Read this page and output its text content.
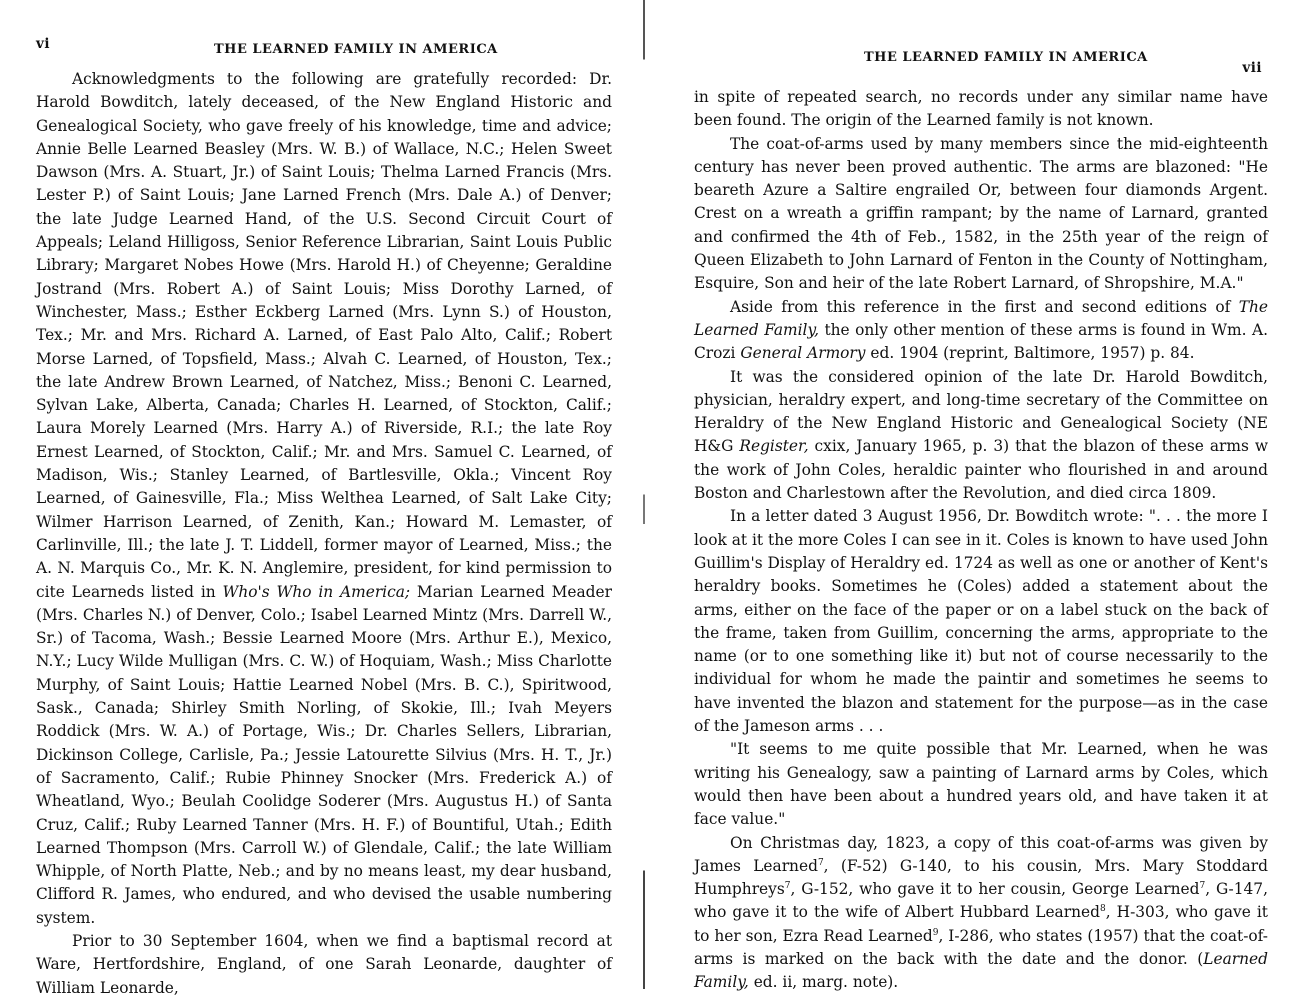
vi	THE LEARNED FAMILY IN AMERICA

Acknowledgments to the following are gratefully recorded: Dr. Harold Bowditch, lately deceased, of the New England Historic and Genealogical Society, who gave freely of his knowledge, time and advice; Annie Belle Learned Beasley (Mrs. W. B.) of Wallace, N.C.; Helen Sweet Dawson (Mrs. A. Stuart, Jr.) of Saint Louis; Thelma Larned Francis (Mrs. Lester P.) of Saint Louis; Jane Larned French (Mrs. Dale A.) of Denver; the late Judge Learned Hand, of the U.S. Second Circuit Court of Appeals; Leland Hilligoss, Senior Reference Librarian, Saint Louis Public Library; Margaret Nobes Howe (Mrs. Harold H.) of Cheyenne; Geraldine Jostrand (Mrs. Robert A.) of Saint Louis; Miss Dorothy Larned, of Winchester, Mass.; Esther Eckberg Larned (Mrs. Lynn S.) of Houston, Tex.; Mr. and Mrs. Richard A. Larned, of East Palo Alto, Calif.; Robert Morse Larned, of Topsfield, Mass.; Alvah C. Learned, of Houston, Tex.; the late Andrew Brown Learned, of Natchez, Miss.; Benoni C. Learned, Sylvan Lake, Alberta, Canada; Charles H. Learned, of Stockton, Calif.; Laura Morely Learned (Mrs. Harry A.) of Riverside, R.I.; the late Roy Ernest Learned, of Stockton, Calif.; Mr. and Mrs. Samuel C. Learned, of Madison, Wis.; Stanley Learned, of Bartlesville, Okla.; Vincent Roy Learned, of Gainesville, Fla.; Miss Welthea Learned, of Salt Lake City; Wilmer Harrison Learned, of Zenith, Kan.; Howard M. Lemaster, of Carlinville, Ill.; the late J. T. Liddell, former mayor of Learned, Miss.; the A. N. Marquis Co., Mr. K. N. Anglemire, president, for kind permission to cite Learneds listed in Who's Who in America; Marian Learned Meader (Mrs. Charles N.) of Denver, Colo.; Isabel Learned Mintz (Mrs. Darrell W., Sr.) of Tacoma, Wash.; Bessie Learned Moore (Mrs. Arthur E.), Mexico, N.Y.; Lucy Wilde Mulligan (Mrs. C. W.) of Hoquiam, Wash.; Miss Charlotte Murphy, of Saint Louis; Hattie Learned Nobel (Mrs. B. C.), Spiritwood, Sask., Canada; Shirley Smith Norling, of Skokie, Ill.; Ivah Meyers Roddick (Mrs. W. A.) of Portage, Wis.; Dr. Charles Sellers, Librarian, Dickinson College, Carlisle, Pa.; Jessie Latourette Silvius (Mrs. H. T., Jr.) of Sacramento, Calif.; Rubie Phinney Snocker (Mrs. Frederick A.) of Wheatland, Wyo.; Beulah Coolidge Soderer (Mrs. Augustus H.) of Santa Cruz, Calif.; Ruby Learned Tanner (Mrs. H. F.) of Bountiful, Utah.; Edith Learned Thompson (Mrs. Carroll W.) of Glendale, Calif.; the late William Whipple, of North Platte, Neb.; and by no means least, my dear husband, Clifford R. James, who endured, and who devised the usable numbering system.

Prior to 30 September 1604, when we find a baptismal record at Ware, Hertfordshire, England, of one Sarah Leonarde, daughter of William Leonarde,

THE LEARNED FAMILY IN AMERICA
vii

in spite of repeated search, no records under any similar name have been found. The origin of the Learned family is not known.

The coat-of-arms used by many members since the mid-eighteenth century has never been proved authentic. The arms are blazoned: "He beareth Azure a Saltire engrailed Or, between four diamonds Argent. Crest on a wreath a griffin rampant; by the name of Larnard, granted and confirmed the 4th of Feb., 1582, in the 25th year of the reign of Queen Elizabeth to John Larnard of Fenton in the County of Nottingham, Esquire, Son and heir of the late Robert Larnard, of Shropshire, M.A."

Aside from this reference in the first and second editions of The Learned Family, the only other mention of these arms is found in Wm. A. Crozi General Armory ed. 1904 (reprint, Baltimore, 1957) p. 84.

It was the considered opinion of the late Dr. Harold Bowditch, physician, heraldry expert, and long-time secretary of the Committee on Heraldry of the New England Historic and Genealogical Society (NE H&G Register, cxix, January 1965, p. 3) that the blazon of these arms w the work of John Coles, heraldic painter who flourished in and around Boston and Charlestown after the Revolution, and died circa 1809.

In a letter dated 3 August 1956, Dr. Bowditch wrote: ". . . the more I look at it the more Coles I can see in it. Coles is known to have used John Guillim's Display of Heraldry ed. 1724 as well as one or another of Kent's heraldry books. Sometimes he (Coles) added a statement about the arms, either on the face of the paper or on a label stuck on the back of the frame, taken from Guillim, concerning the arms, appropriate to the name (or to one something like it) but not of course necessarily to the individual for whom he made the paintir and sometimes he seems to have invented the blazon and statement for the purpose—as in the case of the Jameson arms . . .

"It seems to me quite possible that Mr. Learned, when he was writing his Genealogy, saw a painting of Larnard arms by Coles, which would then have been about a hundred years old, and have taken it at face value."

On Christmas day, 1823, a copy of this coat-of-arms was given by James Learned$^7$, (F-52) G-140, to his cousin, Mrs. Mary Stoddard Humphreys$^7$, G-152, who gave it to her cousin, George Learned$^7$, G-147, who gave it to the wife of Albert Hubbard Learned$^8$, H-303, who gave it to her son, Ezra Read Learned$^9$, I-286, who states (1957) that the coat-of-arms is marked on the back with the date and the donor. (Learned Family, ed. ii, marg. note).
